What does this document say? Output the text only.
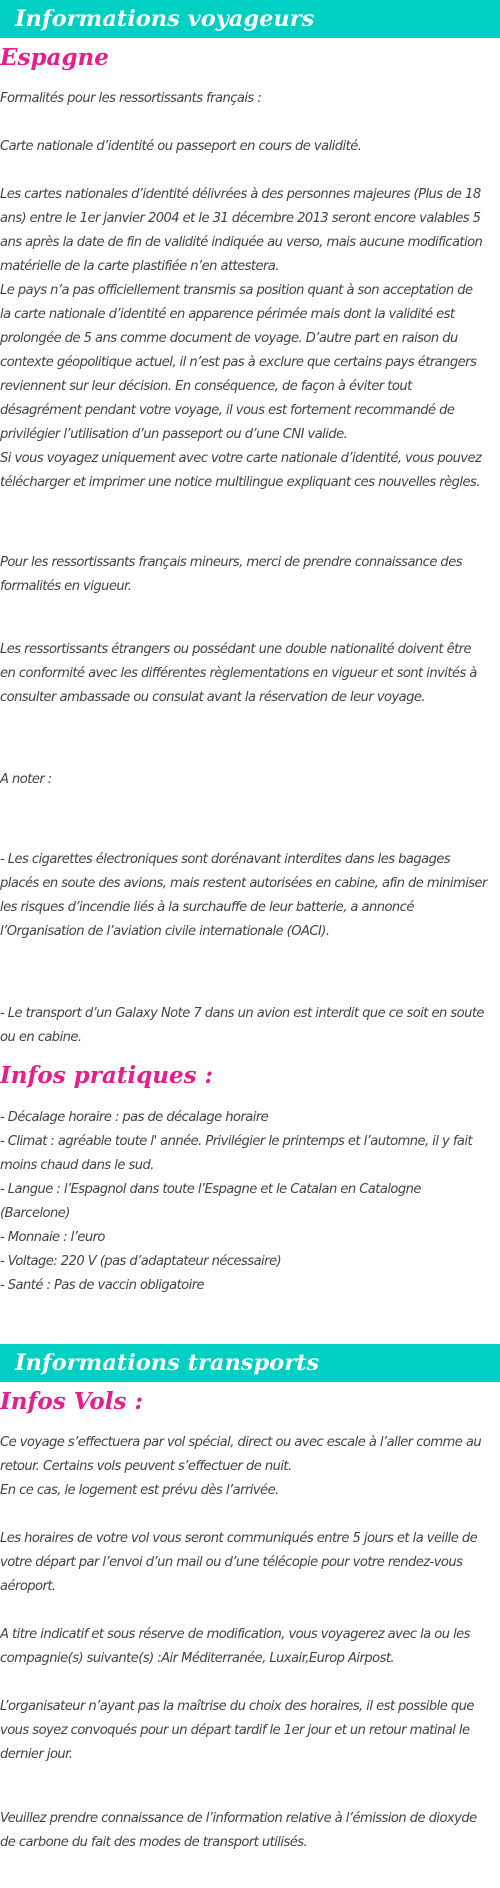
Informations voyageurs
Espagne

Formalités pour les ressortissants français :

Carte nationale d’identité ou passeport en cours de validité.

Les cartes nationales d’identité délivrées à des personnes majeures (Plus de 18
ans) entre le 1er janvier 2004 et le 31 décembre 2013 seront encore valables 5
ans après la date de fin de validité indiquée au verso, mais aucune modification
matérielle de la carte plastifiée n’en attestera.
Le pays n’a pas officiellement transmis sa position quant à son acceptation de
la carte nationale d’identité en apparence périmée mais dont la validité est
prolongée de 5 ans comme document de voyage. D’autre part en raison du
contexte géopolitique actuel, il n’est pas à exclure que certains pays étrangers
reviennent sur leur décision. En conséquence, de façon à éviter tout
désagrément pendant votre voyage, il vous est fortement recommandé de
privilégier l’utilisation d’un passeport ou d’une CNI valide.
Si vous voyagez uniquement avec votre carte nationale d’identité, vous pouvez
télécharger et imprimer une notice multilingue expliquant ces nouvelles règles.

Pour les ressortissants français mineurs, merci de prendre connaissance des
formalités en vigueur.

Les ressortissants étrangers ou possédant une double nationalité doivent être
en conformité avec les différentes règlementations en vigueur et sont invités à
consulter ambassade ou consulat avant la réservation de leur voyage.

A noter :

- Les cigarettes électroniques sont dorénavant interdites dans les bagages
placés en soute des avions, mais restent autorisées en cabine, afin de minimiser
les risques d’incendie liés à la surchauffe de leur batterie, a annoncé
l’Organisation de l’aviation civile internationale (OACI).

- Le transport d’un Galaxy Note 7 dans un avion est interdit que ce soit en soute
ou en cabine.

Infos pratiques :

- Décalage horaire : pas de décalage horaire

- Climat : agréable toute l' année. Privilégier le printemps et l’automne, il y fait
moins chaud dans le sud.

- Langue : l’Espagnol dans toute l’Espagne et le Catalan en Catalogne
(Barcelone)

- Monnaie : l’euro

- Voltage: 220 V (pas d’adaptateur nécessaire)

- Santé : Pas de vaccin obligatoire

Informations transports
Infos Vols :

Ce voyage s’effectuera par vol spécial, direct ou avec escale à l’aller comme au
retour. Certains vols peuvent s’effectuer de nuit.
En ce cas, le logement est prévu dès l’arrivée.

Les horaires de votre vol vous seront communiqués entre 5 jours et la veille de
votre départ par l’envoi d’un mail ou d’une télécopie pour votre rendez-vous
aéroport.

A titre indicatif et sous réserve de modification, vous voyagerez avec la ou les
compagnie(s) suivante(s) :Air Méditerranée, Luxair,Europ Airpost.

L’organisateur n’ayant pas la maîtrise du choix des horaires, il est possible que
vous soyez convoqués pour un départ tardif le 1er jour et un retour matinal le
dernier jour.

Veuillez prendre connaissance de l’information relative à l’émission de dioxyde
de carbone du fait des modes de transport utilisés.
